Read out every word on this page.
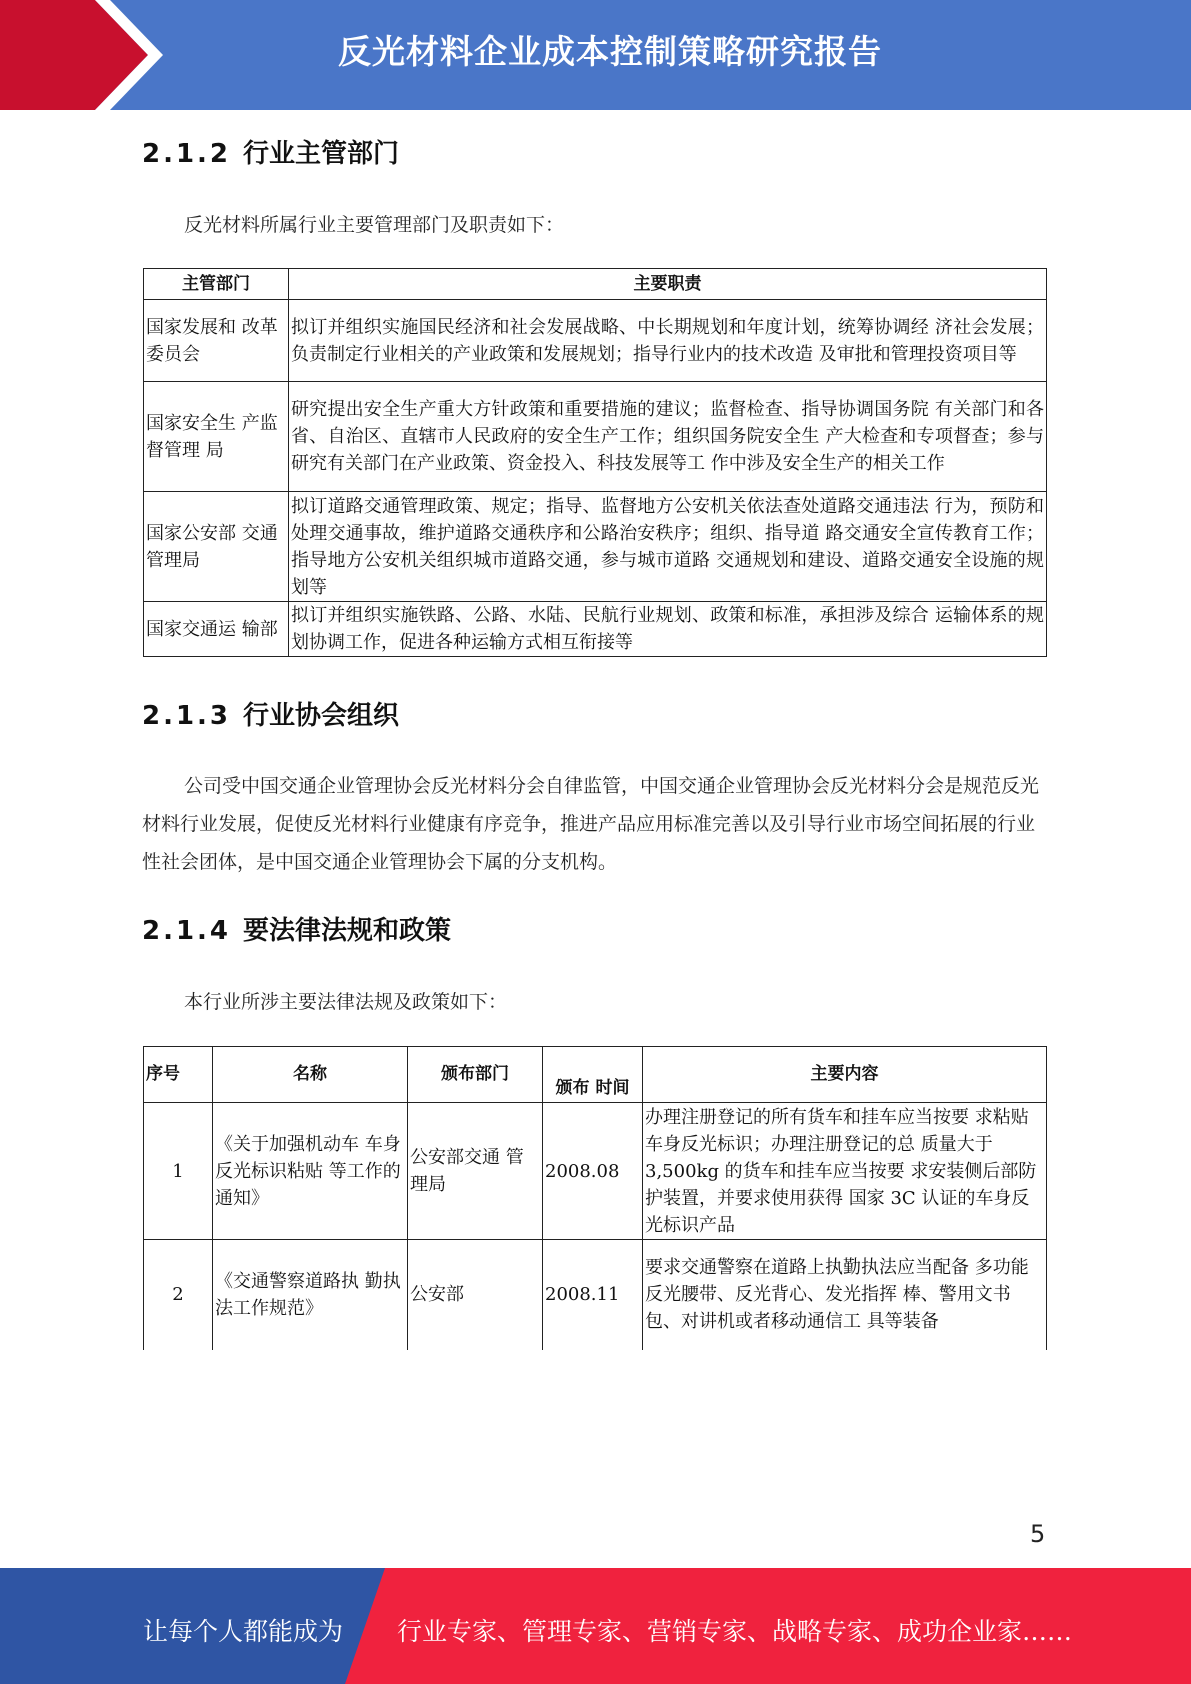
反光材料企业成本控制策略研究报告
2.1.2 行业主管部门
反光材料所属行业主要管理部门及职责如下：
主管部门	主要职责
国家发展和 改革委员会	拟订并组织实施国民经济和社会发展战略、中长期规划和年度计划，统筹协调经 济社会发展；负责制定行业相关的产业政策和发展规划；指导行业内的技术改造 及审批和管理投资项目等
国家安全生 产监督管理 局	研究提出安全生产重大方针政策和重要措施的建议；监督检查、指导协调国务院 有关部门和各省、自治区、直辖市人民政府的安全生产工作；组织国务院安全生 产大检查和专项督查；参与研究有关部门在产业政策、资金投入、科技发展等工 作中涉及安全生产的相关工作
国家公安部 交通管理局	拟订道路交通管理政策、规定；指导、监督地方公安机关依法查处道路交通违法 行为，预防和处理交通事故，维护道路交通秩序和公路治安秩序；组织、指导道 路交通安全宣传教育工作；指导地方公安机关组织城市道路交通，参与城市道路 交通规划和建设、道路交通安全设施的规划等
国家交通运 输部	拟订并组织实施铁路、公路、水陆、民航行业规划、政策和标准，承担涉及综合 运输体系的规划协调工作，促进各种运输方式相互衔接等
2.1.3 行业协会组织
公司受中国交通企业管理协会反光材料分会自律监管，中国交通企业管理协会反光材料分会是规范反光材料行业发展，促使反光材料行业健康有序竞争，推进产品应用标准完善以及引导行业市场空间拓展的行业性社会团体，是中国交通企业管理协会下属的分支机构。
2.1.4 要法律法规和政策
本行业所涉主要法律法规及政策如下：
序号	名称	颁布部门	颁布 时间	主要内容
1	《关于加强机动车 车身反光标识粘贴 等工作的通知》	公安部交通 管理局	2008.08	办理注册登记的所有货车和挂车应当按要 求粘贴车身反光标识；办理注册登记的总 质量大于 3,500kg 的货车和挂车应当按要 求安装侧后部防护装置，并要求使用获得 国家 3C 认证的车身反光标识产品
2	《交通警察道路执 勤执法工作规范》	公安部	2008.11	要求交通警察在道路上执勤执法应当配备 多功能反光腰带、反光背心、发光指挥 棒、警用文书包、对讲机或者移动通信工 具等装备
5
让每个人都能成为 行业专家、管理专家、营销专家、战略专家、成功企业家……
